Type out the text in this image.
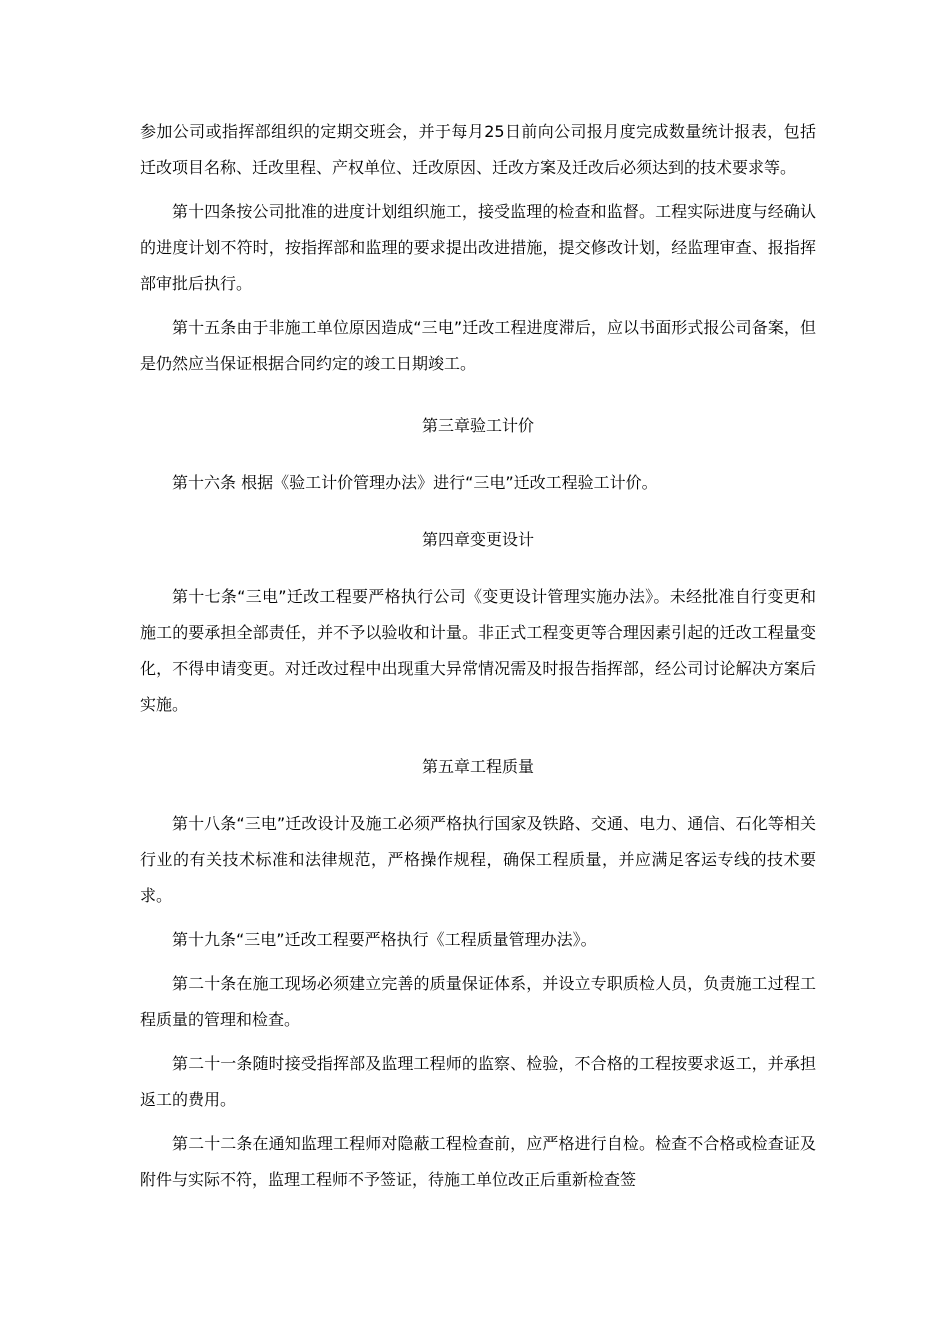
参加公司或指挥部组织的定期交班会，并于每月25日前向公司报月度完成数量统计报表，包括迁改项目名称、迁改里程、产权单位、迁改原因、迁改方案及迁改后必须达到的技术要求等。

第十四条按公司批准的进度计划组织施工，接受监理的检查和监督。工程实际进度与经确认的进度计划不符时，按指挥部和监理的要求提出改进措施，提交修改计划，经监理审查、报指挥部审批后执行。

第十五条由于非施工单位原因造成“三电”迁改工程进度滞后，应以书面形式报公司备案，但是仍然应当保证根据合同约定的竣工日期竣工。

第三章验工计价

第十六条 根据《验工计价管理办法》进行“三电”迁改工程验工计价。

第四章变更设计

第十七条“三电”迁改工程要严格执行公司《变更设计管理实施办法》。未经批准自行变更和施工的要承担全部责任，并不予以验收和计量。非正式工程变更等合理因素引起的迁改工程量变化，不得申请变更。对迁改过程中出现重大异常情况需及时报告指挥部，经公司讨论解决方案后实施。

第五章工程质量

第十八条“三电”迁改设计及施工必须严格执行国家及铁路、交通、电力、通信、石化等相关行业的有关技术标准和法律规范，严格操作规程，确保工程质量，并应满足客运专线的技术要求。

第十九条“三电”迁改工程要严格执行《工程质量管理办法》。

第二十条在施工现场必须建立完善的质量保证体系，并设立专职质检人员，负责施工过程工程质量的管理和检查。

第二十一条随时接受指挥部及监理工程师的监察、检验，不合格的工程按要求返工，并承担返工的费用。

第二十二条在通知监理工程师对隐蔽工程检查前，应严格进行自检。检查不合格或检查证及附件与实际不符，监理工程师不予签证，待施工单位改正后重新检查签
